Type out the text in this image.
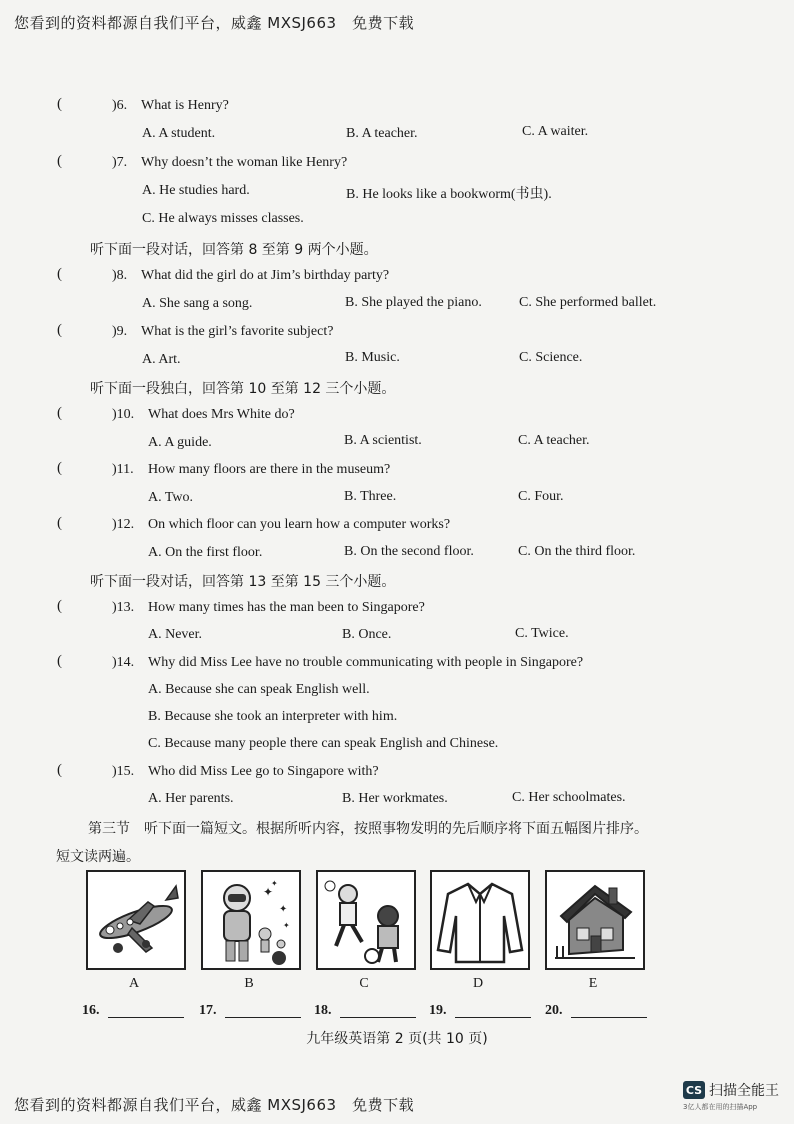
您看到的资料都源自我们平台，威鑫 MXSJ663　免费下载
(	)6. What is Henry?
A. A student.	B. A teacher.	C. A waiter.
(	)7. Why doesn’t the woman like Henry?
A. He studies hard.	B. He looks like a bookworm(书虫).
C. He always misses classes.
听下面一段对话，回答第 8 至第 9 两个小题。
(	)8. What did the girl do at Jim’s birthday party?
A. She sang a song.	B. She played the piano.	C. She performed ballet.
(	)9. What is the girl’s favorite subject?
A. Art.	B. Music.	C. Science.
听下面一段独白，回答第 10 至第 12 三个小题。
(	)10. What does Mrs White do?
A. A guide.	B. A scientist.	C. A teacher.
(	)11. How many floors are there in the museum?
A. Two.	B. Three.	C. Four.
(	)12. On which floor can you learn how a computer works?
A. On the first floor.	B. On the second floor.	C. On the third floor.
听下面一段对话，回答第 13 至第 15 三个小题。
(	)13. How many times has the man been to Singapore?
A. Never.	B. Once.	C. Twice.
(	)14. Why did Miss Lee have no trouble communicating with people in Singapore?
A. Because she can speak English well.
B. Because she took an interpreter with him.
C. Because many people there can speak English and Chinese.
(	)15. Who did Miss Lee go to Singapore with?
A. Her parents.	B. Her workmates.	C. Her schoolmates.
第三节　听下面一篇短文。根据所听内容，按照事物发明的先后顺序将下面五幅图片排序。
短文读两遍。
✦
✦
✦
✦
A	B	C	D	E
16.	17.	18.	19.	20.
九年级英语第 2 页(共 10 页)
您看到的资料都源自我们平台，威鑫 MXSJ663　免费下载
CS 扫描全能王
3亿人都在用的扫描App
